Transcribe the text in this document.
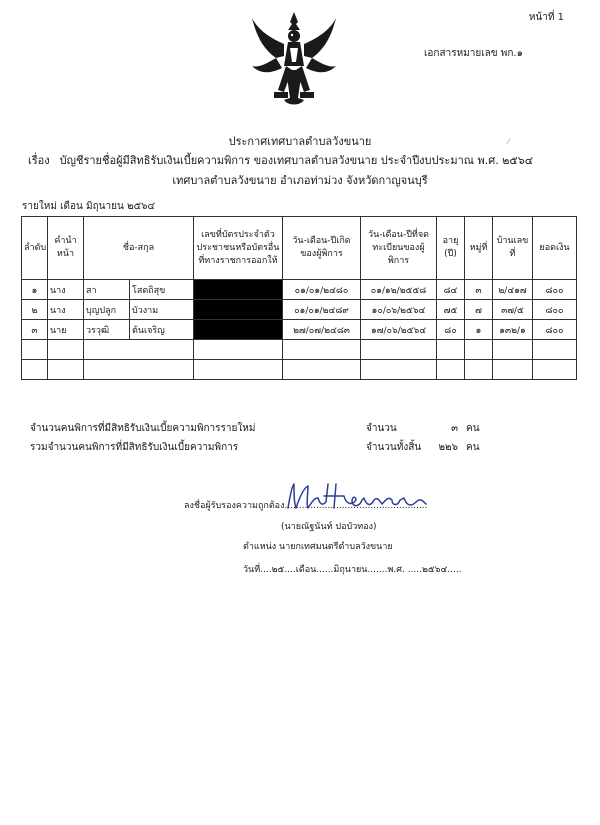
หน้าที่ 1
เอกสารหมายเลข พก.๑
ประกาศเทศบาลตำบลวังขนาย	⁄
เรื่อง บัญชีรายชื่อผู้มีสิทธิรับเงินเบี้ยความพิการ ของเทศบาลตำบลวังขนาย ประจำปีงบประมาณ พ.ศ. ๒๕๖๔
เทศบาลตำบลวังขนาย อำเภอท่าม่วง จังหวัดกาญจนบุรี
รายใหม่ เดือน มิถุนายน ๒๕๖๔
ลำดับ	คำนำหน้า	ชื่อ-สกุล		เลขที่บัตรประจำตัวประชาชนหรือบัตรอื่นที่ทางราชการออกให้	วัน-เดือน-ปีเกิดของผู้พิการ	วัน-เดือน-ปีที่จดทะเบียนของผู้พิการ	อายุ (ปี)	หมู่ที่	บ้านเลขที่	ยอดเงิน
๑	นาง	สา	โสตถิสุข		๐๑/๐๑/๒๔๘๐	๐๑/๑๒/๒๕๕๘	๘๔	๓	๒/๔๑๗	๘๐๐
๒	นาง	บุญปลูก	บัวงาม		๐๑/๐๑/๒๔๘๙	๑๐/๐๖/๒๕๖๔	๗๕	๗	๓๗/๕	๘๐๐
๓	นาย	วรวุฒิ	ต้นเจริญ		๒๗/๐๗/๒๔๘๓	๑๗/๐๖/๒๕๖๔	๘๐	๑	๑๓๒/๑	๘๐๐

จำนวนคนพิการที่มีสิทธิรับเงินเบี้ยความพิการรายใหม่	จำนวน	๓ คน
รวมจำนวนคนพิการที่มีสิทธิรับเงินเบี้ยความพิการ	จำนวนทั้งสิ้น	๒๒๖ คน
ลงชื่อผู้รับรองความถูกต้อง..................................................
(นายณัฐนันท์ ปอบัวทอง)
ตำแหน่ง นายกเทศมนตรีตำบลวังขนาย
วันที่....๒๕....เดือน......มิถุนายน.......พ.ศ. .....๒๕๖๔.....
